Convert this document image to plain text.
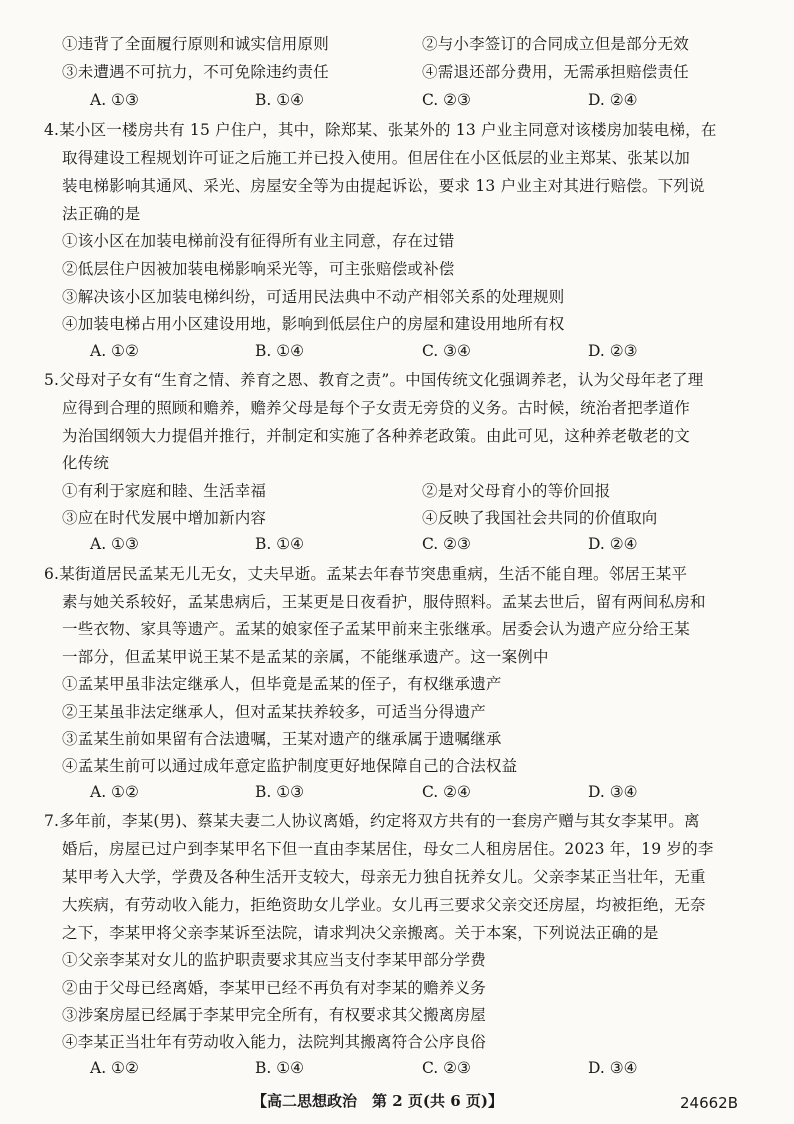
①违背了全面履行原则和诚实信用原则	②与小李签订的合同成立但是部分无效
③未遭遇不可抗力，不可免除违约责任	④需退还部分费用，无需承担赔偿责任
A. ①③	B. ①④	C. ②③	D. ②④
4.某小区一楼房共有 15 户住户，其中，除郑某、张某外的 13 户业主同意对该楼房加装电梯，在
取得建设工程规划许可证之后施工并已投入使用。但居住在小区低层的业主郑某、张某以加
装电梯影响其通风、采光、房屋安全等为由提起诉讼，要求 13 户业主对其进行赔偿。下列说
法正确的是
①该小区在加装电梯前没有征得所有业主同意，存在过错
②低层住户因被加装电梯影响采光等，可主张赔偿或补偿
③解决该小区加装电梯纠纷，可适用民法典中不动产相邻关系的处理规则
④加装电梯占用小区建设用地，影响到低层住户的房屋和建设用地所有权
A. ①②	B. ①④	C. ③④	D. ②③
5.父母对子女有“生育之情、养育之恩、教育之责”。中国传统文化强调养老，认为父母年老了理
应得到合理的照顾和赡养，赡养父母是每个子女责无旁贷的义务。古时候，统治者把孝道作
为治国纲领大力提倡并推行，并制定和实施了各种养老政策。由此可见，这种养老敬老的文
化传统
①有利于家庭和睦、生活幸福	②是对父母育小的等价回报
③应在时代发展中增加新内容	④反映了我国社会共同的价值取向
A. ①③	B. ①④	C. ②③	D. ②④
6.某街道居民孟某无儿无女，丈夫早逝。孟某去年春节突患重病，生活不能自理。邻居王某平
素与她关系较好，孟某患病后，王某更是日夜看护，服侍照料。孟某去世后，留有两间私房和
一些衣物、家具等遗产。孟某的娘家侄子孟某甲前来主张继承。居委会认为遗产应分给王某
一部分，但孟某甲说王某不是孟某的亲属，不能继承遗产。这一案例中
①孟某甲虽非法定继承人，但毕竟是孟某的侄子，有权继承遗产
②王某虽非法定继承人，但对孟某扶养较多，可适当分得遗产
③孟某生前如果留有合法遗嘱，王某对遗产的继承属于遗嘱继承
④孟某生前可以通过成年意定监护制度更好地保障自己的合法权益
A. ①②	B. ①③	C. ②④	D. ③④
7.多年前，李某(男)、蔡某夫妻二人协议离婚，约定将双方共有的一套房产赠与其女李某甲。离
婚后，房屋已过户到李某甲名下但一直由李某居住，母女二人租房居住。2023 年，19 岁的李
某甲考入大学，学费及各种生活开支较大，母亲无力独自抚养女儿。父亲李某正当壮年，无重
大疾病，有劳动收入能力，拒绝资助女儿学业。女儿再三要求父亲交还房屋，均被拒绝，无奈
之下，李某甲将父亲李某诉至法院，请求判决父亲搬离。关于本案，下列说法正确的是
①父亲李某对女儿的监护职责要求其应当支付李某甲部分学费
②由于父母已经离婚，李某甲已经不再负有对李某的赡养义务
③涉案房屋已经属于李某甲完全所有，有权要求其父搬离房屋
④李某正当壮年有劳动收入能力，法院判其搬离符合公序良俗
A. ①②	B. ①④	C. ②③	D. ③④
【高二思想政治　第 2 页(共 6 页)】	24662B
